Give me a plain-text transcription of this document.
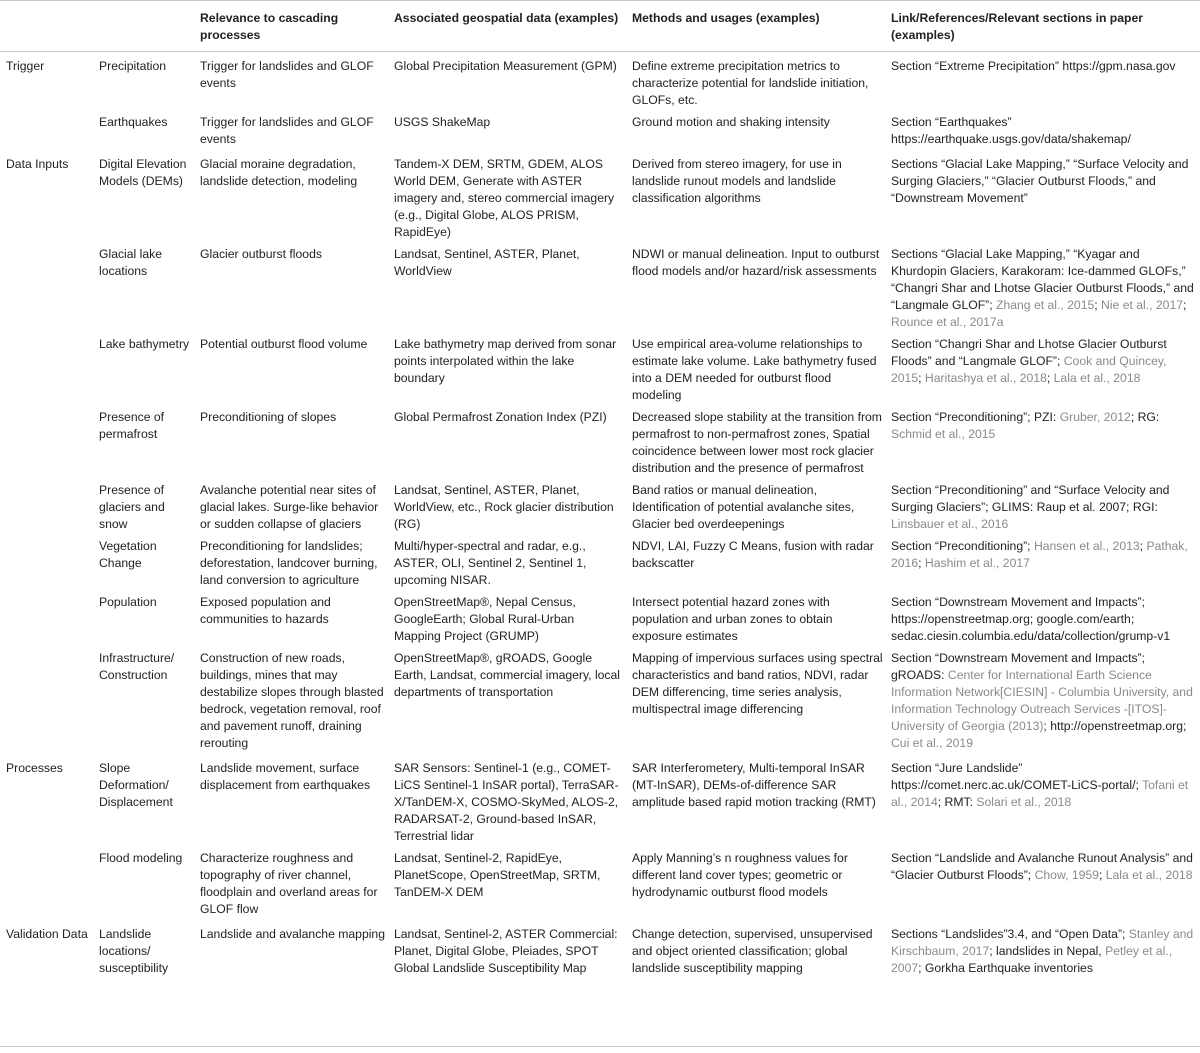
		Relevance to cascading processes	Associated geospatial data (examples)	Methods and usages (examples)	Link/References/Relevant sections in paper (examples)
Trigger	Precipitation	Trigger for landslides and GLOF events	Global Precipitation Measurement (GPM)	Define extreme precipitation metrics to characterize potential for landslide initiation, GLOFs, etc.	Section “Extreme Precipitation” https://gpm.nasa.gov
	Earthquakes	Trigger for landslides and GLOF events	USGS ShakeMap	Ground motion and shaking intensity	Section “Earthquakes” https://earthquake.usgs.gov/data/shakemap/
Data Inputs	Digital Elevation Models (DEMs)	Glacial moraine degradation, landslide detection, modeling	Tandem-X DEM, SRTM, GDEM, ALOS World DEM, Generate with ASTER imagery and, stereo commercial imagery (e.g., Digital Globe, ALOS PRISM, RapidEye)	Derived from stereo imagery, for use in landslide runout models and landslide classification algorithms	Sections “Glacial Lake Mapping,” “Surface Velocity and Surging Glaciers,” “Glacier Outburst Floods,” and “Downstream Movement”
	Glacial lake locations	Glacier outburst floods	Landsat, Sentinel, ASTER, Planet, WorldView	NDWI or manual delineation. Input to outburst flood models and/or hazard/risk assessments	Sections “Glacial Lake Mapping,” “Kyagar and Khurdopin Glaciers, Karakoram: Ice-dammed GLOFs,” “Changri Shar and Lhotse Glacier Outburst Floods,” and “Langmale GLOF”; Zhang et al., 2015; Nie et al., 2017; Rounce et al., 2017a
	Lake bathymetry	Potential outburst flood volume	Lake bathymetry map derived from sonar points interpolated within the lake boundary	Use empirical area-volume relationships to estimate lake volume. Lake bathymetry fused into a DEM needed for outburst flood modeling	Section “Changri Shar and Lhotse Glacier Outburst Floods” and “Langmale GLOF”; Cook and Quincey, 2015; Haritashya et al., 2018; Lala et al., 2018
	Presence of permafrost	Preconditioning of slopes	Global Permafrost Zonation Index (PZI)	Decreased slope stability at the transition from permafrost to non-permafrost zones, Spatial coincidence between lower most rock glacier distribution and the presence of permafrost	Section “Preconditioning”; PZI: Gruber, 2012; RG: Schmid et al., 2015
	Presence of glaciers and snow	Avalanche potential near sites of glacial lakes. Surge-like behavior or sudden collapse of glaciers	Landsat, Sentinel, ASTER, Planet, WorldView, etc., Rock glacier distribution (RG)	Band ratios or manual delineation, Identification of potential avalanche sites, Glacier bed overdeepenings	Section “Preconditioning” and “Surface Velocity and Surging Glaciers”; GLIMS: Raup et al. 2007; RGI: Linsbauer et al., 2016
	Vegetation Change	Preconditioning for landslides; deforestation, landcover burning, land conversion to agriculture	Multi/hyper-spectral and radar, e.g., ASTER, OLI, Sentinel 2, Sentinel 1, upcoming NISAR.	NDVI, LAI, Fuzzy C Means, fusion with radar backscatter	Section “Preconditioning”; Hansen et al., 2013; Pathak, 2016; Hashim et al., 2017
	Population	Exposed population and communities to hazards	OpenStreetMap®, Nepal Census, GoogleEarth; Global Rural-Urban Mapping Project (GRUMP)	Intersect potential hazard zones with population and urban zones to obtain exposure estimates	Section “Downstream Movement and Impacts”; https://openstreetmap.org; google.com/earth; sedac.ciesin.columbia.edu/data/collection/grump-v1
	Infrastructure/ Construction	Construction of new roads, buildings, mines that may destabilize slopes through blasted bedrock, vegetation removal, roof and pavement runoff, draining rerouting	OpenStreetMap®, gROADS, Google Earth, Landsat, commercial imagery, local departments of transportation	Mapping of impervious surfaces using spectral characteristics and band ratios, NDVI, radar DEM differencing, time series analysis, multispectral image differencing	Section “Downstream Movement and Impacts”; gROADS: Center for International Earth Science Information Network[CIESIN] - Columbia University, and Information Technology Outreach Services -[ITOS]- University of Georgia (2013); http://openstreetmap.org; Cui et al., 2019
Processes	Slope Deformation/ Displacement	Landslide movement, surface displacement from earthquakes	SAR Sensors: Sentinel-1 (e.g., COMET-LiCS Sentinel-1 InSAR portal), TerraSAR-X/TanDEM-X, COSMO-SkyMed, ALOS-2, RADARSAT-2, Ground-based InSAR, Terrestrial lidar	SAR Interferometery, Multi-temporal InSAR (MT-InSAR), DEMs-of-difference SAR amplitude based rapid motion tracking (RMT)	Section “Jure Landslide” https://comet.nerc.ac.uk/COMET-LiCS-portal/; Tofani et al., 2014; RMT: Solari et al., 2018
	Flood modeling	Characterize roughness and topography of river channel, floodplain and overland areas for GLOF flow	Landsat, Sentinel-2, RapidEye, PlanetScope, OpenStreetMap, SRTM, TanDEM-X DEM	Apply Manning’s n roughness values for different land cover types; geometric or hydrodynamic outburst flood models	Section “Landslide and Avalanche Runout Analysis” and “Glacier Outburst Floods”; Chow, 1959; Lala et al., 2018
Validation Data	Landslide locations/ susceptibility	Landslide and avalanche mapping	Landsat, Sentinel-2, ASTER Commercial: Planet, Digital Globe, Pleiades, SPOT Global Landslide Susceptibility Map	Change detection, supervised, unsupervised and object oriented classification; global landslide susceptibility mapping	Sections “Landslides”3.4, and “Open Data”; Stanley and Kirschbaum, 2017; landslides in Nepal, Petley et al., 2007; Gorkha Earthquake inventories
